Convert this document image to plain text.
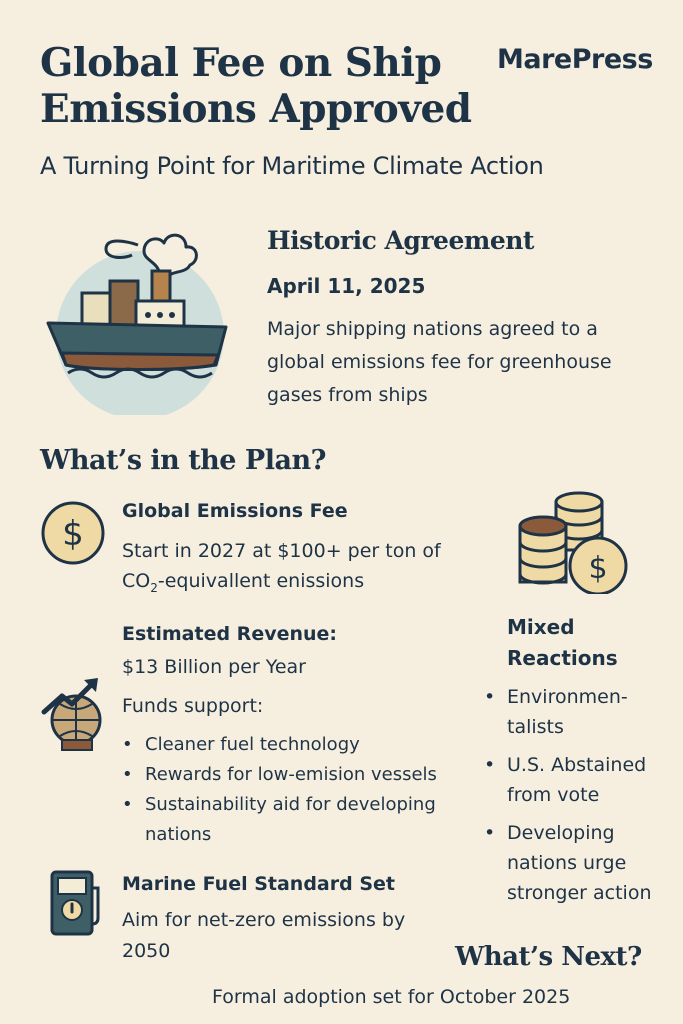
Global Fee on Ship Emissions Approved
MarePress
A Turning Point for Maritime Climate Action
Historic Agreement
April 11, 2025
Major shipping nations agreed to a global emissions fee for greenhouse gases from ships
What’s in the Plan?
$
Global Emissions Fee
Start in 2027 at $100+ per ton of $CO_2$-equivallent enissions	$
Estimated Revenue:
$13 Billion per Year
Funds support:
• Cleaner fuel technology
• Rewards for low-emision vessels
• Sustainability aid for developing nations
Mixed Reactions
• Environmen-talists
• U.S. Abstained from vote
• Developing nations urge stronger action
Marine Fuel Standard Set
Aim for net-zero emissions by 2050	What’s Next?
Formal adoption set for October 2025
